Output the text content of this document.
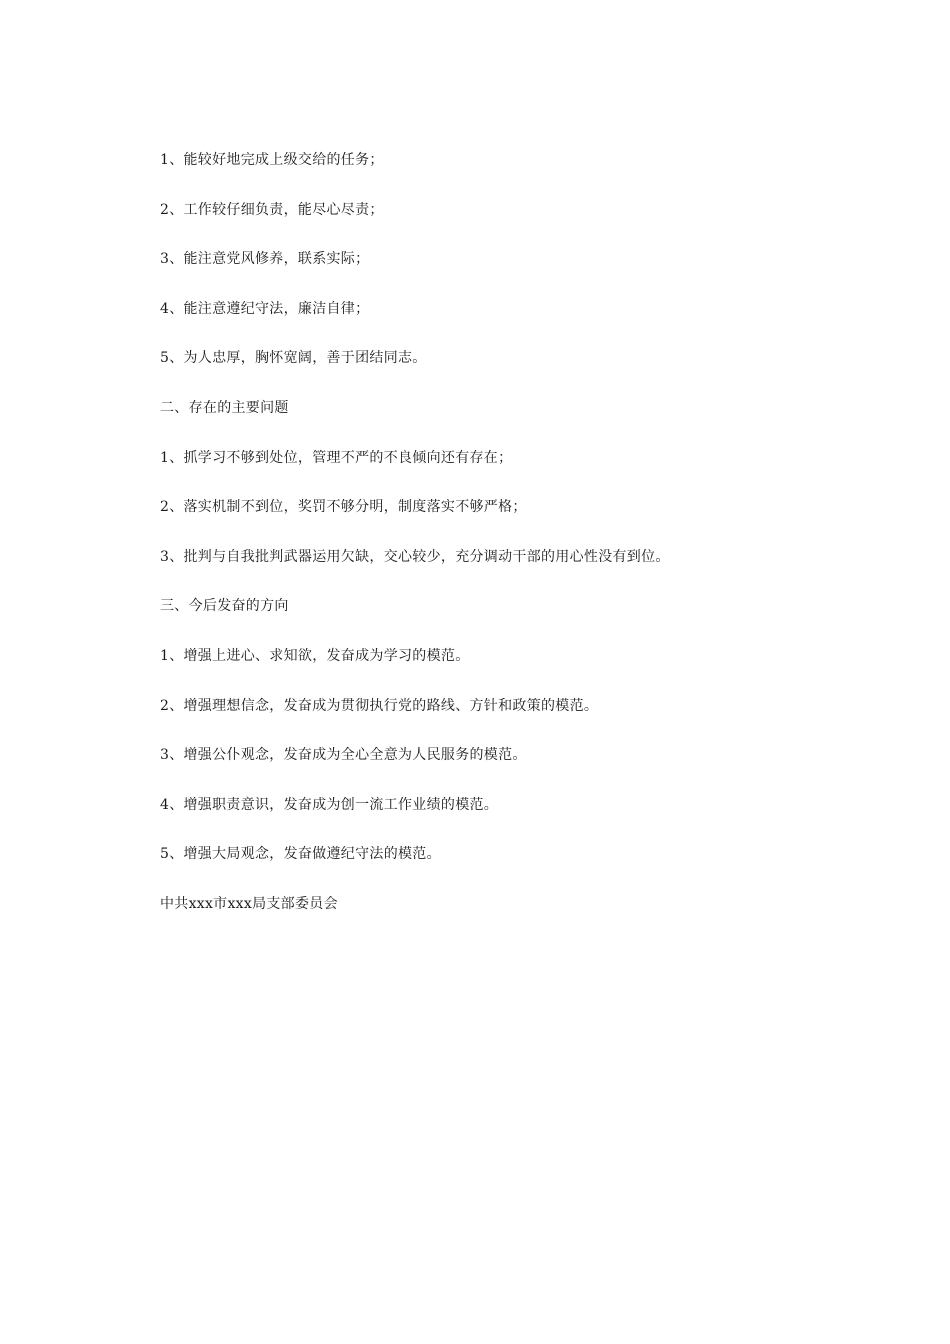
1、能较好地完成上级交给的任务；

2、工作较仔细负责，能尽心尽责；

3、能注意党风修养，联系实际；

4、能注意遵纪守法，廉洁自律；

5、为人忠厚，胸怀宽阔，善于团结同志。

二、存在的主要问题

1、抓学习不够到处位，管理不严的不良倾向还有存在；

2、落实机制不到位，奖罚不够分明，制度落实不够严格；

3、批判与自我批判武器运用欠缺，交心较少，充分调动干部的用心性没有到位。

三、今后发奋的方向

1、增强上进心、求知欲，发奋成为学习的模范。

2、增强理想信念，发奋成为贯彻执行党的路线、方针和政策的模范。

3、增强公仆观念，发奋成为全心全意为人民服务的模范。

4、增强职责意识，发奋成为创一流工作业绩的模范。

5、增强大局观念，发奋做遵纪守法的模范。

中共xxx市xxx局支部委员会
